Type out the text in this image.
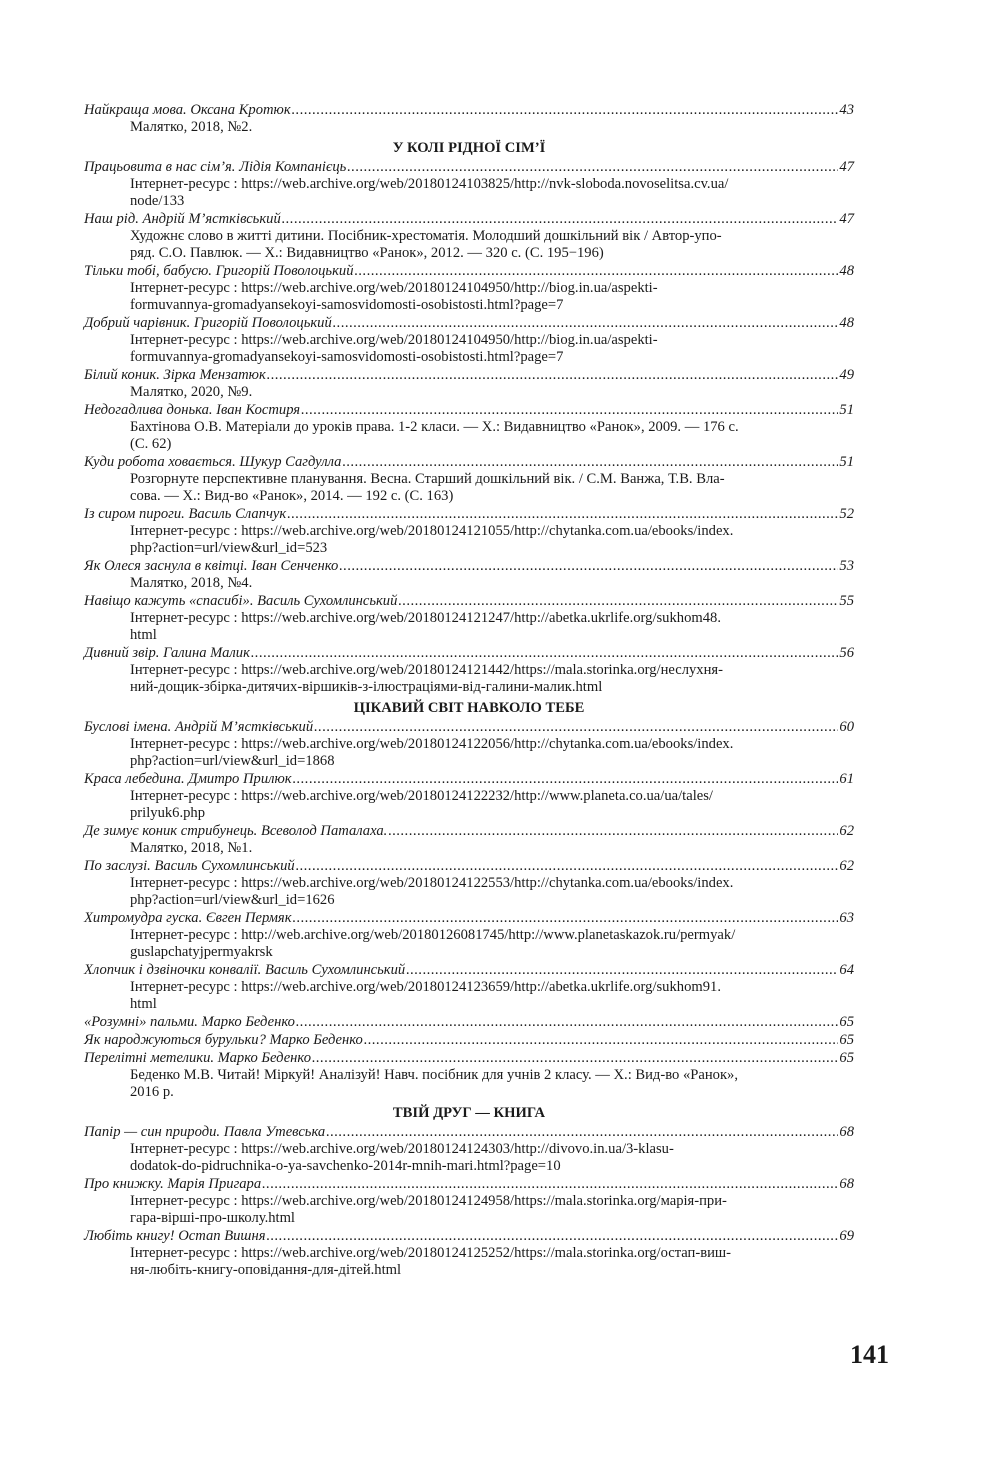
Найкраща мова. Оксана Кротюк .....	43
Малятко, 2018, №2.
У КОЛІ РІДНОЇ СІМ’Ї
Працьовита в нас сім’я. Лідія Компанієць .....	47
Інтернет-ресурс : https://web.archive.org/web/20180124103825/http://nvk-sloboda.novoselitsa.cv.ua/
node/133
Наш рід. Андрій М’ястківський .....	47
Художнє слово в житті дитини. Посібник-хрестоматія. Молодший дошкільний вік / Автор-упо-
ряд. С.О. Павлюк. — Х.: Видавництво «Ранок», 2012. — 320 с. (С. 195−196)
Тільки тобі, бабусю. Григорій Поволоцький .....	48
Інтернет-ресурс : https://web.archive.org/web/20180124104950/http://biog.in.ua/aspekti-
formuvannya-gromadyansekoyi-samosvidomosti-osobistosti.html?page=7
Добрий чарівник. Григорій Поволоцький .....	48
Інтернет-ресурс : https://web.archive.org/web/20180124104950/http://biog.in.ua/aspekti-
formuvannya-gromadyansekoyi-samosvidomosti-osobistosti.html?page=7
Білий коник. Зірка Мензатюк .....	49
Малятко, 2020, №9.
Недогадлива донька. Іван Костиря .....	51
Бахтінова О.В. Матеріали до уроків права. 1-2 класи. — Х.: Видавництво «Ранок», 2009. — 176 с.
(С. 62)
Куди робота ховається. Шукур Сагдулла .....	51
Розгорнуте перспективне планування. Весна. Старший дошкільний вік. / С.М. Ванжа, Т.В. Вла-
сова. — Х.: Вид-во «Ранок», 2014. — 192 с. (С. 163)
Із сиром пироги. Василь Слапчук .....	52
Інтернет-ресурс : https://web.archive.org/web/20180124121055/http://chytanka.com.ua/ebooks/index.
php?action=url/view&url_id=523
Як Олеся заснула в квітці. Іван Сенченко .....	53
Малятко, 2018, №4.
Навіщо кажуть «спасибі». Василь Сухомлинський .....	55
Інтернет-ресурс : https://web.archive.org/web/20180124121247/http://abetka.ukrlife.org/sukhom48.
html
Дивний звір. Галина Малик .....	56
Інтернет-ресурс : https://web.archive.org/web/20180124121442/https://mala.storinka.org/неслухня-
ний-дощик-збірка-дитячих-віршиків-з-ілюстраціями-від-галини-малик.html
ЦІКАВИЙ СВІТ НАВКОЛО ТЕБЕ
Буслові імена. Андрій М’ястківський .....	60
Інтернет-ресурс : https://web.archive.org/web/20180124122056/http://chytanka.com.ua/ebooks/index.
php?action=url/view&url_id=1868
Краса лебедина. Дмитро Прилюк .....	61
Інтернет-ресурс : https://web.archive.org/web/20180124122232/http://www.planeta.co.ua/ua/tales/
prilyuk6.php
Де зимує коник стрибунець. Всеволод Паталаха. .....	62
Малятко, 2018, №1.
По заслузі. Василь Сухомлинський .....	62
Інтернет-ресурс : https://web.archive.org/web/20180124122553/http://chytanka.com.ua/ebooks/index.
php?action=url/view&url_id=1626
Хитромудра гуска. Євген Пермяк .....	63
Інтернет-ресурс : http://web.archive.org/web/20180126081745/http://www.planetaskazok.ru/permyak/
guslapchatyjpermyakrsk
Хлопчик і дзвіночки конвалії. Василь Сухомлинський .....	64
Інтернет-ресурс : https://web.archive.org/web/20180124123659/http://abetka.ukrlife.org/sukhom91.
html
«Розумні» пальми. Марко Беденко .....	65
Як народжуються бурульки? Марко Беденко .....	65
Перелітні метелики. Марко Беденко .....	65
Беденко М.В. Читай! Міркуй! Аналізуй! Навч. посібник для учнів 2 класу. — Х.: Вид-во «Ранок»,
2016 р.
ТВІЙ ДРУГ — КНИГА
Папір — син природи. Павла Утевська .....	68
Інтернет-ресурс : https://web.archive.org/web/20180124124303/http://divovo.in.ua/3-klasu-
dodatok-do-pidruchnika-o-ya-savchenko-2014r-mnih-mari.html?page=10
Про книжку. Марія Пригара .....	68
Інтернет-ресурс : https://web.archive.org/web/20180124124958/https://mala.storinka.org/марія-при-
гара-вірші-про-школу.html
Любіть книгу! Остап Вишня .....	69
Інтернет-ресурс : https://web.archive.org/web/20180124125252/https://mala.storinka.org/остап-виш-
ня-любіть-книгу-оповідання-для-дітей.html
141
